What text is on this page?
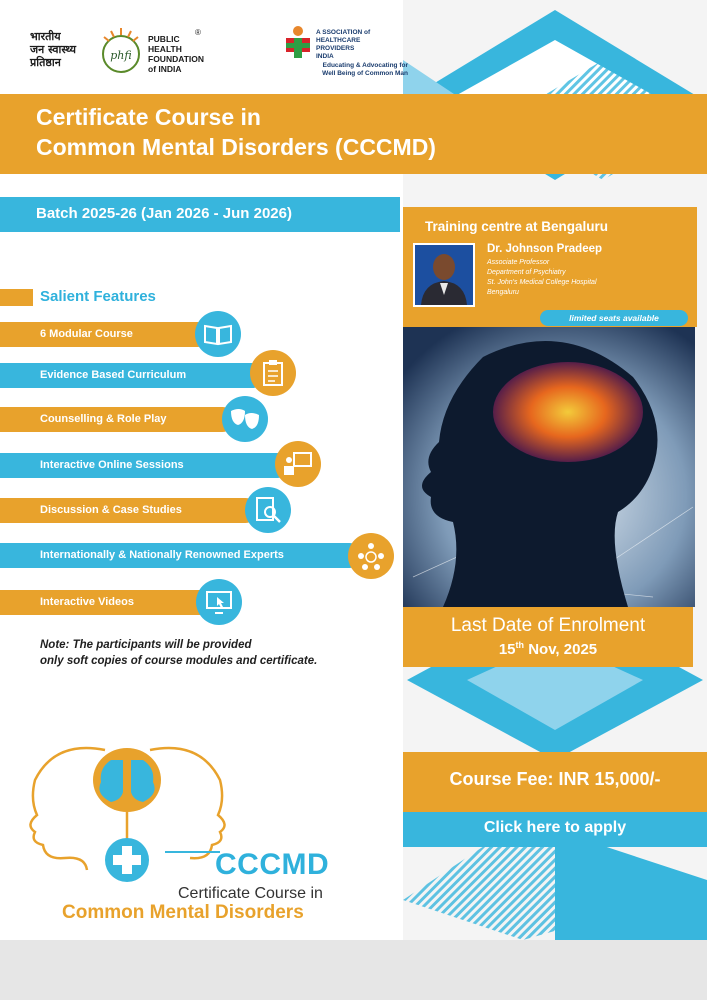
भारतीय
जन स्वास्थ्य
प्रतिष्ठान
phfi
PUBLIC
HEALTH
FOUNDATION
of INDIA
®	A SSOCIATION of
HEALTHCARE
PROVIDERS
INDIA
Educating & Advocating for
Well Being of Common Man
Certificate Course in
Common Mental Disorders (CCCMD)
Training centre at Bengaluru
Dr. Johnson Pradeep
Associate Professor
Department of Psychiatry
St. John's Medical College Hospital
Bengaluru
limited seats available
Batch 2025-26 (Jan 2026 - Jun 2026)
Salient Features
6 Modular Course
Evidence Based Curriculum
Counselling & Role Play
Interactive Online Sessions
Discussion & Case Studies
Internationally & Nationally Renowned Experts
Interactive Videos
Note: The participants will be provided
only soft copies of course modules and certificate.
Last Date of Enrolment
15th Nov, 2025
Course Fee: INR 15,000/-
Click here to apply
CCCMD
Certificate Course in
Common Mental Disorders
